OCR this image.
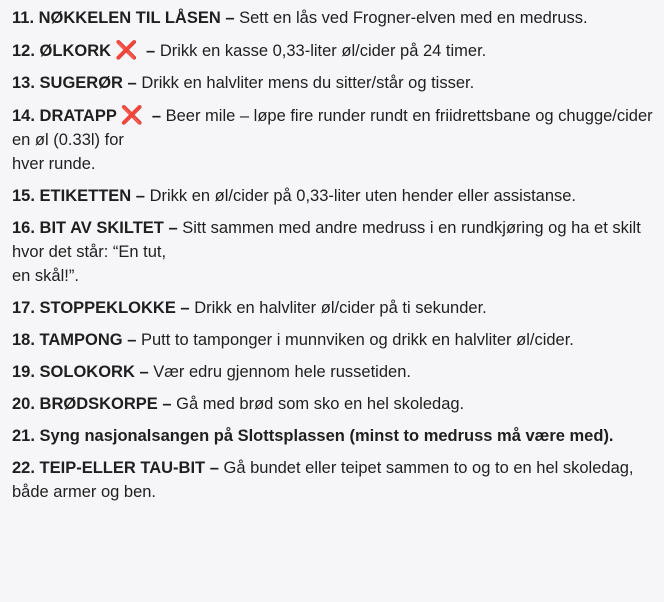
11. NØKKELEN TIL LÅSEN – Sett en lås ved Frogner-elven med en medruss.

12. ØLKORK ❌ – Drikk en kasse 0,33-liter øl/cider på 24 timer.

13. SUGERØR – Drikk en halvliter mens du sitter/står og tisser.

14. DRATAPP ❌ – Beer mile – løpe fire runder rundt en friidrettsbane og chugge/cider en øl (0.33l) for
hver runde.

15. ETIKETTEN – Drikk en øl/cider på 0,33-liter uten hender eller assistanse.

16. BIT AV SKILTET – Sitt sammen med andre medruss i en rundkjøring og ha et skilt hvor det står: “En tut,
en skål!”.

17. STOPPEKLOKKE – Drikk en halvliter øl/cider på ti sekunder.

18. TAMPONG – Putt to tamponger i munnviken og drikk en halvliter øl/cider.

19. SOLOKORK – Vær edru gjennom hele russetiden.

20. BRØDSKORPE – Gå med brød som sko en hel skoledag.

21. Syng nasjonalsangen på Slottsplassen (minst to medruss må være med).

22. TEIP-ELLER TAU-BIT – Gå bundet eller teipet sammen to og to en hel skoledag, både armer og ben.
